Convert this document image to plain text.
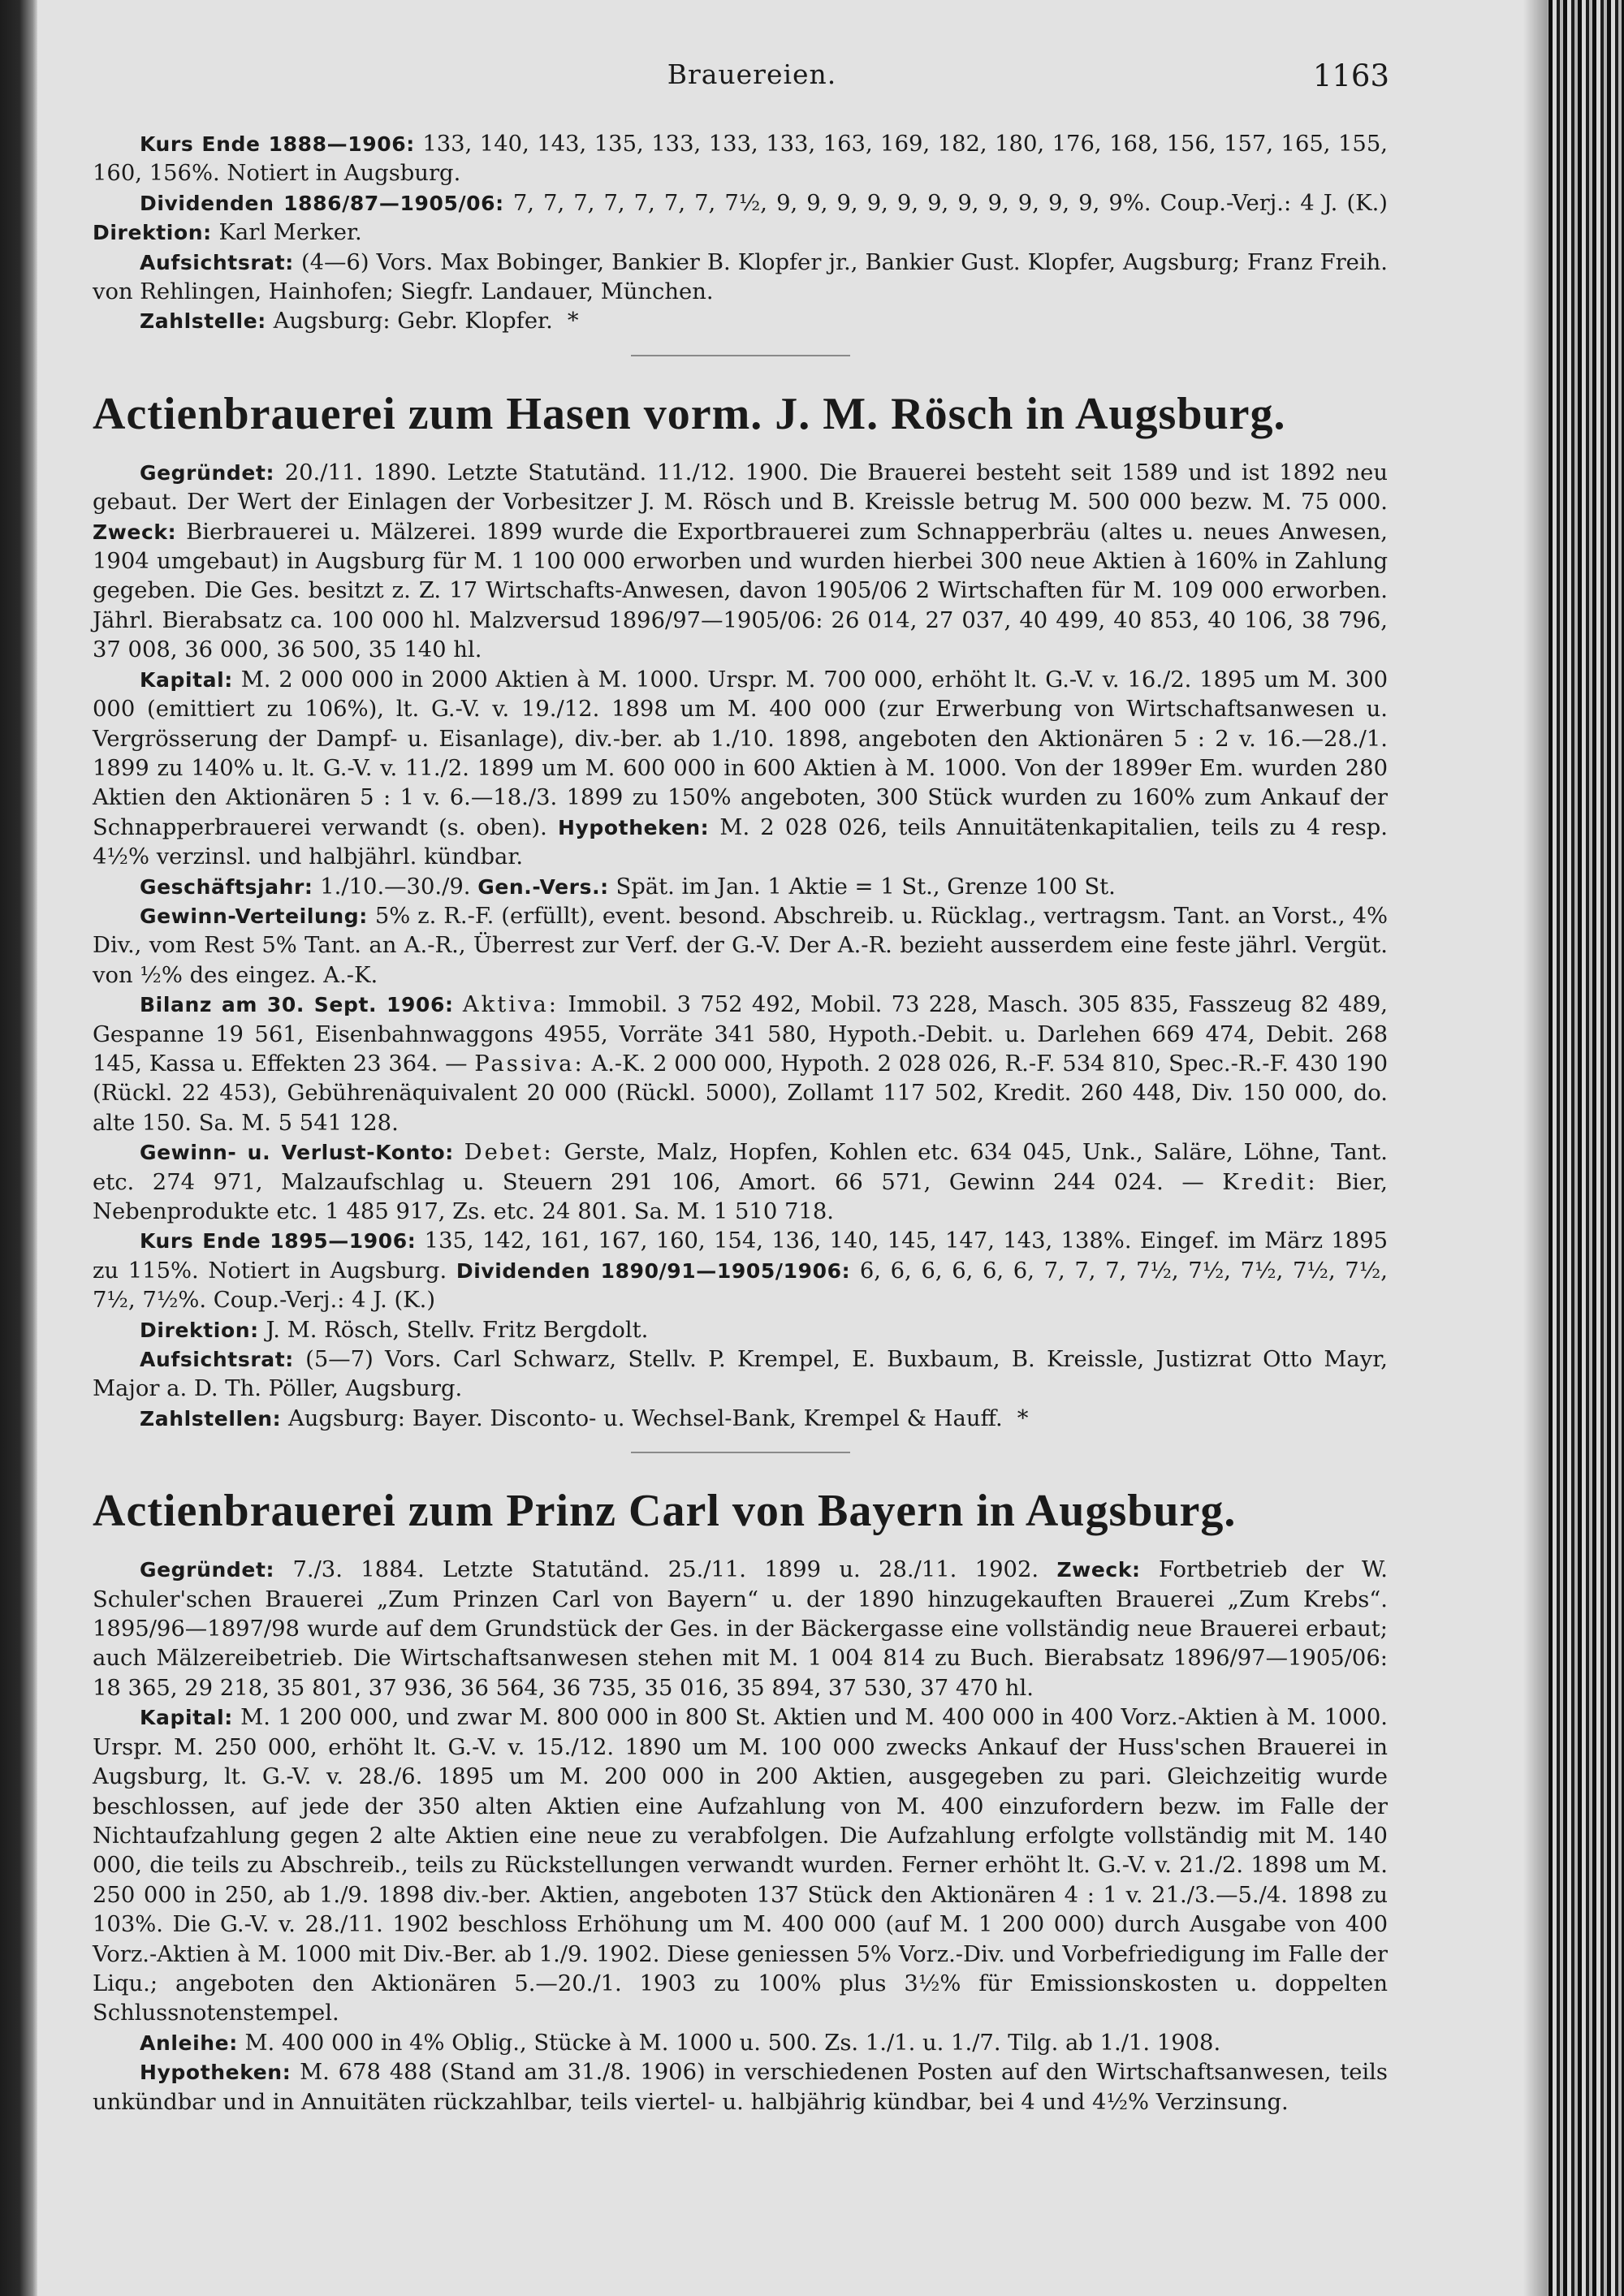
Brauereien.	1163

Kurs Ende 1888—1906: 133, 140, 143, 135, 133, 133, 133, 163, 169, 182, 180, 176, 168, 156, 157, 165, 155, 160, 156%. Notiert in Augsburg.

Dividenden 1886/87—1905/06: 7, 7, 7, 7, 7, 7, 7, 7½, 9, 9, 9, 9, 9, 9, 9, 9, 9, 9, 9, 9%. Coup.-Verj.: 4 J. (K.) Direktion: Karl Merker.

Aufsichtsrat: (4—6) Vors. Max Bobinger, Bankier B. Klopfer jr., Bankier Gust. Klopfer, Augsburg; Franz Freih. von Rehlingen, Hainhofen; Siegfr. Landauer, München.

Zahlstelle: Augsburg: Gebr. Klopfer. *

Actienbrauerei zum Hasen vorm. J. M. Rösch in Augsburg.

Gegründet: 20./11. 1890. Letzte Statutänd. 11./12. 1900. Die Brauerei besteht seit 1589 und ist 1892 neu gebaut. Der Wert der Einlagen der Vorbesitzer J. M. Rösch und B. Kreissle betrug M. 500 000 bezw. M. 75 000. Zweck: Bierbrauerei u. Mälzerei. 1899 wurde die Exportbrauerei zum Schnapperbräu (altes u. neues Anwesen, 1904 umgebaut) in Augsburg für M. 1 100 000 erworben und wurden hierbei 300 neue Aktien à 160% in Zahlung gegeben. Die Ges. besitzt z. Z. 17 Wirtschafts-Anwesen, davon 1905/06 2 Wirtschaften für M. 109 000 erworben. Jährl. Bierabsatz ca. 100 000 hl. Malzversud 1896/97—1905/06: 26 014, 27 037, 40 499, 40 853, 40 106, 38 796, 37 008, 36 000, 36 500, 35 140 hl.

Kapital: M. 2 000 000 in 2000 Aktien à M. 1000. Urspr. M. 700 000, erhöht lt. G.-V. v. 16./2. 1895 um M. 300 000 (emittiert zu 106%), lt. G.-V. v. 19./12. 1898 um M. 400 000 (zur Erwerbung von Wirtschaftsanwesen u. Vergrösserung der Dampf- u. Eisanlage), div.-ber. ab 1./10. 1898, angeboten den Aktionären 5 : 2 v. 16.—28./1. 1899 zu 140% u. lt. G.-V. v. 11./2. 1899 um M. 600 000 in 600 Aktien à M. 1000. Von der 1899er Em. wurden 280 Aktien den Aktionären 5 : 1 v. 6.—18./3. 1899 zu 150% angeboten, 300 Stück wurden zu 160% zum Ankauf der Schnapperbrauerei verwandt (s. oben). Hypotheken: M. 2 028 026, teils Annuitätenkapitalien, teils zu 4 resp. 4½% verzinsl. und halbjährl. kündbar.

Geschäftsjahr: 1./10.—30./9. Gen.-Vers.: Spät. im Jan. 1 Aktie = 1 St., Grenze 100 St.

Gewinn-Verteilung: 5% z. R.-F. (erfüllt), event. besond. Abschreib. u. Rücklag., vertragsm. Tant. an Vorst., 4% Div., vom Rest 5% Tant. an A.-R., Überrest zur Verf. der G.-V. Der A.-R. bezieht ausserdem eine feste jährl. Vergüt. von ½% des eingez. A.-K.

Bilanz am 30. Sept. 1906: Aktiva: Immobil. 3 752 492, Mobil. 73 228, Masch. 305 835, Fasszeug 82 489, Gespanne 19 561, Eisenbahnwaggons 4955, Vorräte 341 580, Hypoth.-Debit. u. Darlehen 669 474, Debit. 268 145, Kassa u. Effekten 23 364. — Passiva: A.-K. 2 000 000, Hypoth. 2 028 026, R.-F. 534 810, Spec.-R.-F. 430 190 (Rückl. 22 453), Gebührenäquivalent 20 000 (Rückl. 5000), Zollamt 117 502, Kredit. 260 448, Div. 150 000, do. alte 150. Sa. M. 5 541 128.

Gewinn- u. Verlust-Konto: Debet: Gerste, Malz, Hopfen, Kohlen etc. 634 045, Unk., Saläre, Löhne, Tant. etc. 274 971, Malzaufschlag u. Steuern 291 106, Amort. 66 571, Gewinn 244 024. — Kredit: Bier, Nebenprodukte etc. 1 485 917, Zs. etc. 24 801. Sa. M. 1 510 718.

Kurs Ende 1895—1906: 135, 142, 161, 167, 160, 154, 136, 140, 145, 147, 143, 138%. Eingef. im März 1895 zu 115%. Notiert in Augsburg. Dividenden 1890/91—1905/1906: 6, 6, 6, 6, 6, 6, 7, 7, 7, 7½, 7½, 7½, 7½, 7½, 7½, 7½%. Coup.-Verj.: 4 J. (K.)

Direktion: J. M. Rösch, Stellv. Fritz Bergdolt.

Aufsichtsrat: (5—7) Vors. Carl Schwarz, Stellv. P. Krempel, E. Buxbaum, B. Kreissle, Justizrat Otto Mayr, Major a. D. Th. Pöller, Augsburg.

Zahlstellen: Augsburg: Bayer. Disconto- u. Wechsel-Bank, Krempel & Hauff. *

Actienbrauerei zum Prinz Carl von Bayern in Augsburg.

Gegründet: 7./3. 1884. Letzte Statutänd. 25./11. 1899 u. 28./11. 1902. Zweck: Fortbetrieb der W. Schuler'schen Brauerei „Zum Prinzen Carl von Bayern“ u. der 1890 hinzugekauften Brauerei „Zum Krebs“. 1895/96—1897/98 wurde auf dem Grundstück der Ges. in der Bäckergasse eine vollständig neue Brauerei erbaut; auch Mälzereibetrieb. Die Wirtschaftsanwesen stehen mit M. 1 004 814 zu Buch. Bierabsatz 1896/97—1905/06: 18 365, 29 218, 35 801, 37 936, 36 564, 36 735, 35 016, 35 894, 37 530, 37 470 hl.

Kapital: M. 1 200 000, und zwar M. 800 000 in 800 St. Aktien und M. 400 000 in 400 Vorz.-Aktien à M. 1000. Urspr. M. 250 000, erhöht lt. G.-V. v. 15./12. 1890 um M. 100 000 zwecks Ankauf der Huss'schen Brauerei in Augsburg, lt. G.-V. v. 28./6. 1895 um M. 200 000 in 200 Aktien, ausgegeben zu pari. Gleichzeitig wurde beschlossen, auf jede der 350 alten Aktien eine Aufzahlung von M. 400 einzufordern bezw. im Falle der Nichtaufzahlung gegen 2 alte Aktien eine neue zu verabfolgen. Die Aufzahlung erfolgte vollständig mit M. 140 000, die teils zu Abschreib., teils zu Rückstellungen verwandt wurden. Ferner erhöht lt. G.-V. v. 21./2. 1898 um M. 250 000 in 250, ab 1./9. 1898 div.-ber. Aktien, angeboten 137 Stück den Aktionären 4 : 1 v. 21./3.—5./4. 1898 zu 103%. Die G.-V. v. 28./11. 1902 beschloss Erhöhung um M. 400 000 (auf M. 1 200 000) durch Ausgabe von 400 Vorz.-Aktien à M. 1000 mit Div.-Ber. ab 1./9. 1902. Diese geniessen 5% Vorz.-Div. und Vorbefriedigung im Falle der Liqu.; angeboten den Aktionären 5.—20./1. 1903 zu 100% plus 3½% für Emissionskosten u. doppelten Schlussnotenstempel.

Anleihe: M. 400 000 in 4% Oblig., Stücke à M. 1000 u. 500. Zs. 1./1. u. 1./7. Tilg. ab 1./1. 1908.

Hypotheken: M. 678 488 (Stand am 31./8. 1906) in verschiedenen Posten auf den Wirtschaftsanwesen, teils unkündbar und in Annuitäten rückzahlbar, teils viertel- u. halbjährig kündbar, bei 4 und 4½% Verzinsung.
